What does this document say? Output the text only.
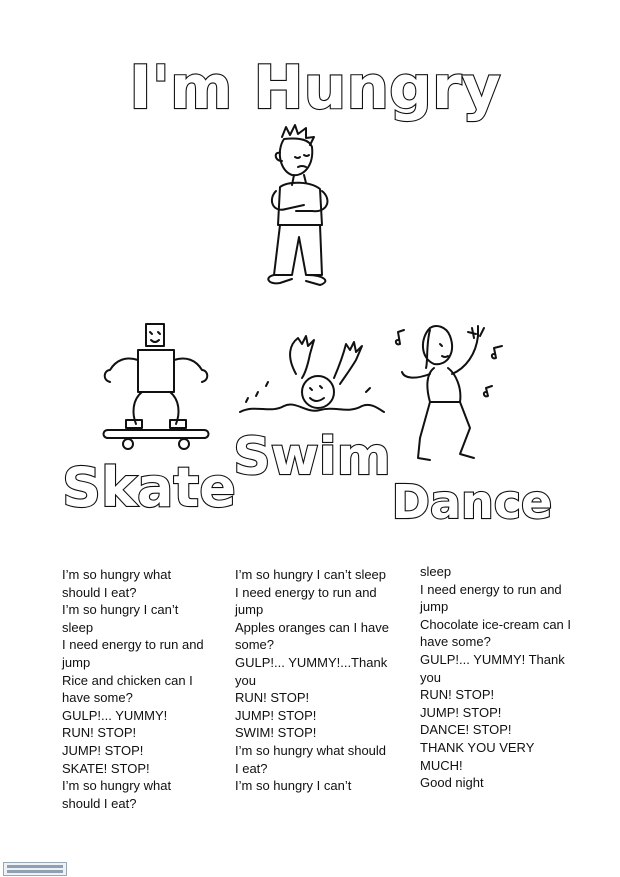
I'm Hungry
Skate
Swim
Dance
I’m so hungry what should I eat?
I’m so hungry I can’t sleep
I need energy to run and jump
Rice and chicken can I have some?
GULP!... YUMMY!
RUN! STOP!
JUMP! STOP!
SKATE! STOP!
I’m so hungry what should I eat?
I’m so hungry I can’t sleep
I need energy to run and jump
Apples oranges can I have some?
GULP!... YUMMY!...Thank you
RUN! STOP!
JUMP! STOP!
SWIM! STOP!
I’m so hungry what should I eat?
I’m so hungry I can’t
sleep
I need energy to run and jump
Chocolate ice-cream can I have some?
GULP!... YUMMY! Thank you
RUN! STOP!
JUMP! STOP!
DANCE! STOP!
THANK YOU VERY MUCH!
Good night
